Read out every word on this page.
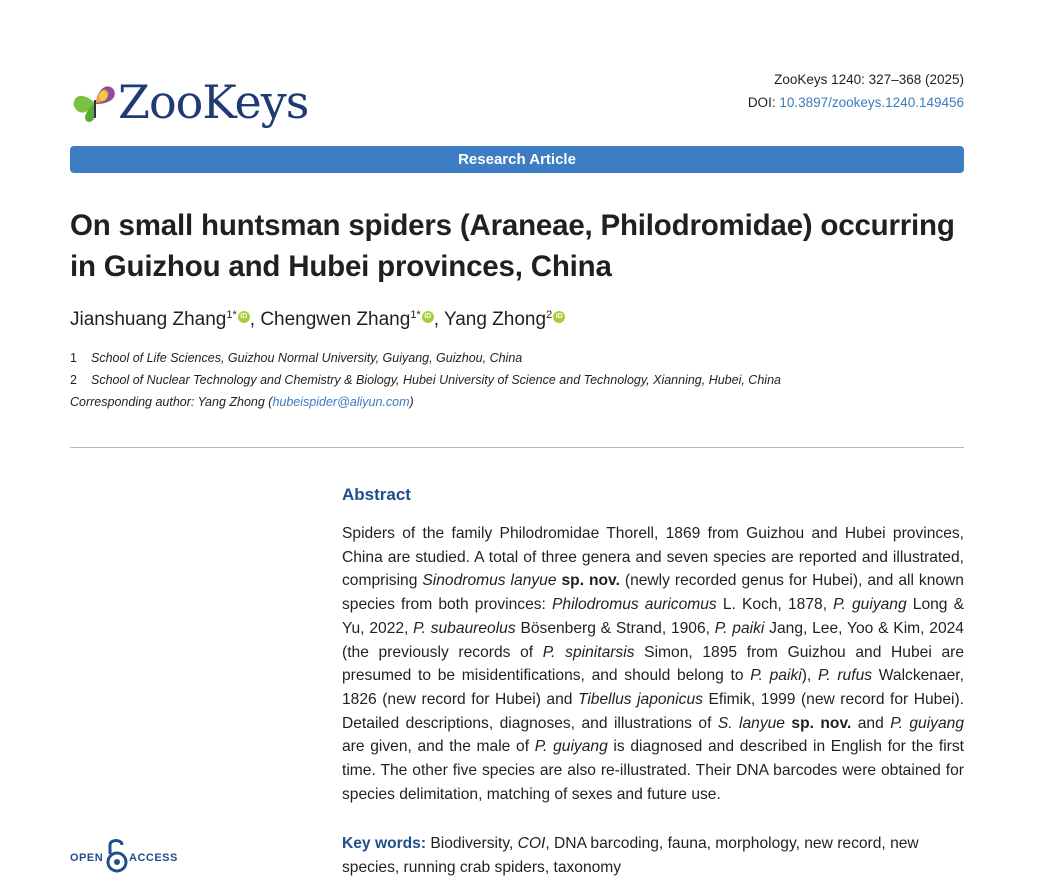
ZooKeys	ZooKeys 1240: 327–368 (2025)
DOI: 10.3897/zookeys.1240.149456
Research Article
On small huntsman spiders (Araneae, Philodromidae) occurring in Guizhou and Hubei provinces, China
Jianshuang Zhang$^{1*}$ iD , Chengwen Zhang$^{1*}$ iD , Yang Zhong$^2$ iD
1 School of Life Sciences, Guizhou Normal University, Guiyang, Guizhou, China
2 School of Nuclear Technology and Chemistry & Biology, Hubei University of Science and Technology, Xianning, Hubei, China
Corresponding author: Yang Zhong (hubeispider@aliyun.com)
Abstract
Spiders of the family Philodromidae Thorell, 1869 from Guizhou and Hubei provinces, China are studied. A total of three genera and seven species are reported and illustrated, comprising Sinodromus lanyue sp. nov. (newly recorded genus for Hubei), and all known species from both provinces: Philodromus auricomus L. Koch, 1878, P. guiyang Long & Yu, 2022, P. subaureolus Bösenberg & Strand, 1906, P. paiki Jang, Lee, Yoo & Kim, 2024 (the previously records of P. spinitarsis Simon, 1895 from Guizhou and Hubei are presumed to be misidentifications, and should belong to P. paiki), P. rufus Walckenaer, 1826 (new record for Hubei) and Tibellus japonicus Efimik, 1999 (new record for Hubei). Detailed descriptions, diagnoses, and illustrations of S. lanyue sp. nov. and P. guiyang are given, and the male of P. guiyang is diagnosed and described in English for the first time. The other five species are also re-illustrated. Their DNA barcodes were obtained for species delimitation, matching of sexes and future use.
Key words: Biodiversity, COI, DNA barcoding, fauna, morphology, new record, new species, running crab spiders, taxonomy
OPEN ACCESS
